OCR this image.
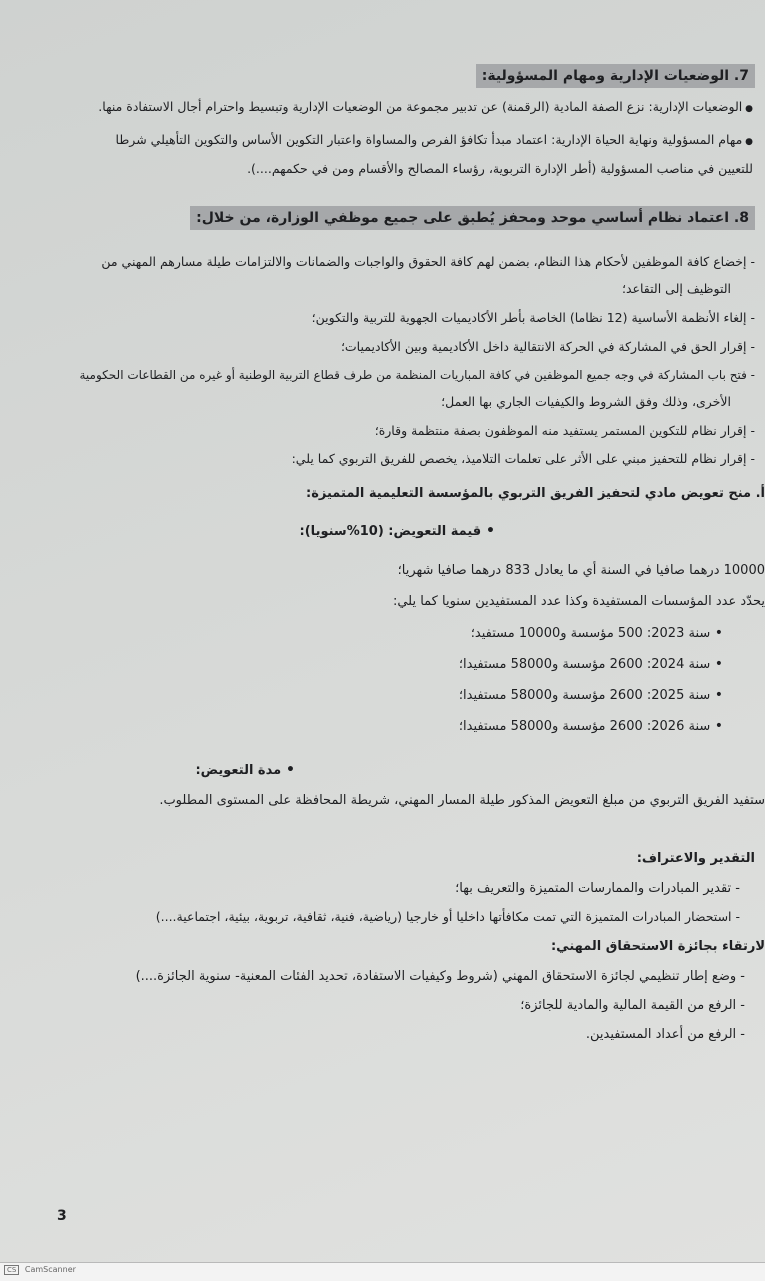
7. الوضعيات الإدارية ومهام المسؤولية:
● الوضعيات الإدارية: نزع الصفة المادية (الرقمنة) عن تدبير مجموعة من الوضعيات الإدارية وتبسيط واحترام أجال الاستفادة منها.
● مهام المسؤولية ونهاية الحياة الإدارية: اعتماد مبدأ تكافؤ الفرص والمساواة واعتبار التكوين الأساس والتكوين التأهيلي شرطا
للتعيين في مناصب المسؤولية (أطر الإدارة التربوية، رؤساء المصالح والأقسام ومن في حكمهم....).
8. اعتماد نظام أساسي موحد ومحفز يُطبق على جميع موظفي الوزارة، من خلال:
- إخضاع كافة الموظفين لأحكام هذا النظام، بضمن لهم كافة الحقوق والواجبات والضمانات والالتزامات طيلة مسارهم المهني من
التوظيف إلى التقاعد؛
- إلغاء الأنظمة الأساسية (12 نظاما) الخاصة بأطر الأكاديميات الجهوية للتربية والتكوين؛
- إقرار الحق في المشاركة في الحركة الانتقالية داخل الأكاديمية وبين الأكاديميات؛
- فتح باب المشاركة في وجه جميع الموظفين في كافة المباريات المنظمة من طرف قطاع التربية الوطنية أو غيره من القطاعات الحكومية
الأخرى، وذلك وفق الشروط والكيفيات الجاري بها العمل؛
- إقرار نظام للتكوين المستمر يستفيد منه الموظفون بصفة منتظمة وقارة؛
- إقرار نظام للتحفيز مبني على الأثر على تعلمات التلاميذ، يخصص للفريق التربوي كما يلي:
أ. منح تعويض مادي لتحفيز الفريق التربوي بالمؤسسة التعليمية المتميزة:
• قيمة التعويض: (10%سنويا):
10000 درهما صافيا في السنة أي ما يعادل 833 درهما صافيا شهريا؛
يحدّد عدد المؤسسات المستفيدة وكذا عدد المستفيدين سنويا كما يلي:
• سنة 2023: 500 مؤسسة و10000 مستفيد؛
• سنة 2024: 2600 مؤسسة و58000 مستفيدا؛
• سنة 2025: 2600 مؤسسة و58000 مستفيدا؛
• سنة 2026: 2600 مؤسسة و58000 مستفيدا؛
• مدة التعويض:
ستفيد الفريق التربوي من مبلغ التعويض المذكور طيلة المسار المهني، شريطة المحافظة على المستوى المطلوب.
التقدير والاعتراف:
- تقدير المبادرات والممارسات المتميزة والتعريف بها؛
- استحضار المبادرات المتميزة التي تمت مكافأتها داخليا أو خارجيا (رياضية، فنية، ثقافية، تربوية، بيئية، اجتماعية....)
لارتقاء بجائزة الاستحقاق المهني:
- وضع إطار تنظيمي لجائزة الاستحقاق المهني (شروط وكيفيات الاستفادة، تحديد الفئات المعنية- سنوية الجائزة....)
- الرفع من القيمة المالية والمادية للجائزة؛
- الرفع من أعداد المستفيدين.
3
CS CamScanner
